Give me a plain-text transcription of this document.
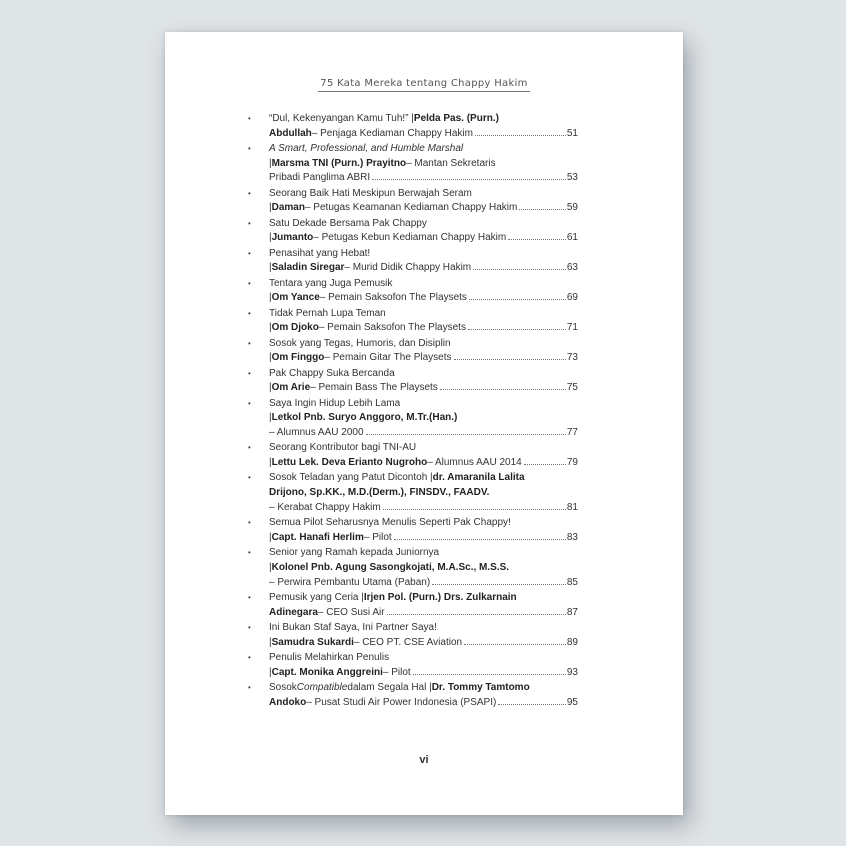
75 Kata Mereka tentang Chappy Hakim
• “Dul, Kekenyangan Kamu Tuh!” | Pelda Pas. (Purn.)
Abdullah – Penjaga Kediaman Chappy Hakim	51
• A Smart, Professional, and Humble Marshal
| Marsma TNI (Purn.) Prayitno – Mantan Sekretaris
Pribadi Panglima ABRI	53
• Seorang Baik Hati Meskipun Berwajah Seram
| Daman – Petugas Keamanan Kediaman Chappy Hakim	59
• Satu Dekade Bersama Pak Chappy
| Jumanto – Petugas Kebun Kediaman Chappy Hakim	61
• Penasihat yang Hebat!
| Saladin Siregar – Murid Didik Chappy Hakim	63
• Tentara yang Juga Pemusik
| Om Yance – Pemain Saksofon The Playsets	69
• Tidak Pernah Lupa Teman
| Om Djoko – Pemain Saksofon The Playsets	71
• Sosok yang Tegas, Humoris, dan Disiplin
| Om Finggo – Pemain Gitar The Playsets	73
• Pak Chappy Suka Bercanda
| Om Arie – Pemain Bass The Playsets	75
• Saya Ingin Hidup Lebih Lama
| Letkol Pnb. Suryo Anggoro, M.Tr.(Han.)
– Alumnus AAU 2000	77
• Seorang Kontributor bagi TNI-AU
| Lettu Lek. Deva Erianto Nugroho – Alumnus AAU 2014	79
• Sosok Teladan yang Patut Dicontoh | dr. Amaranila Lalita
Drijono, Sp.KK., M.D.(Derm.), FINSDV., FAADV.
– Kerabat Chappy Hakim	81
• Semua Pilot Seharusnya Menulis Seperti Pak Chappy!
| Capt. Hanafi Herlim – Pilot	83
• Senior yang Ramah kepada Juniornya
| Kolonel Pnb. Agung Sasongkojati, M.A.Sc., M.S.S.
– Perwira Pembantu Utama (Paban)	85
• Pemusik yang Ceria | Irjen Pol. (Purn.) Drs. Zulkarnain
Adinegara – CEO Susi Air	87
• Ini Bukan Staf Saya, Ini Partner Saya!
| Samudra Sukardi – CEO PT. CSE Aviation	89
• Penulis Melahirkan Penulis
| Capt. Monika Anggreini – Pilot	93
• Sosok Compatible dalam Segala Hal | Dr. Tommy Tamtomo
Andoko – Pusat Studi Air Power Indonesia (PSAPI)	95
vi
